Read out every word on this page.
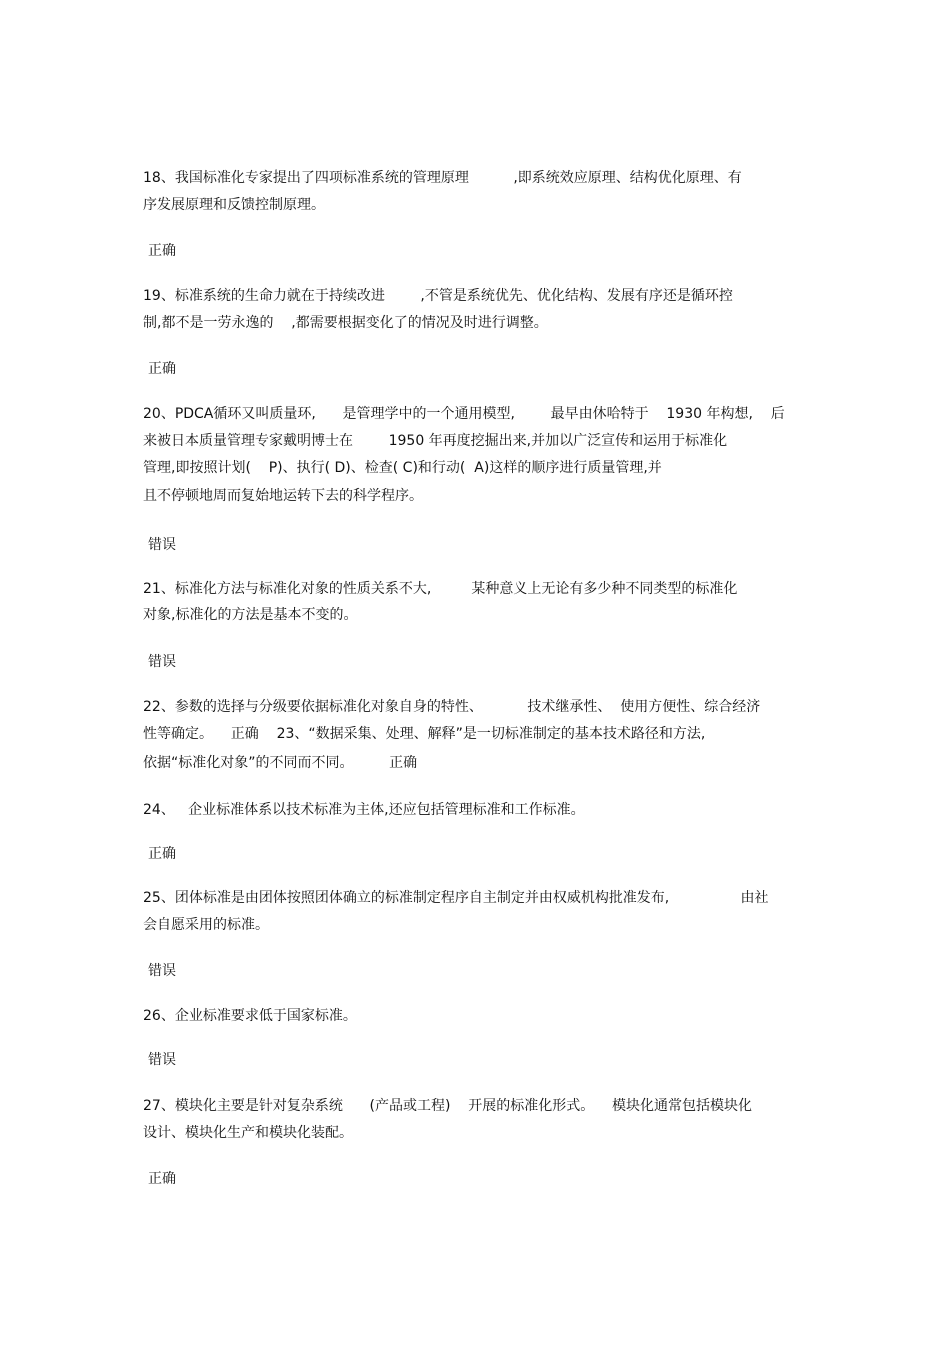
18、我国标准化专家提出了四项标准系统的管理原理          ,即系统效应原理、结构优化原理、有
序发展原理和反馈控制原理。
正确
19、标准系统的生命力就在于持续改进        ,不管是系统优先、优化结构、发展有序还是循环控
制,都不是一劳永逸的    ,都需要根据变化了的情况及时进行调整。
正确
20、PDCA循环又叫质量环,      是管理学中的一个通用模型,        最早由休哈特于    1930 年构想,    后
来被日本质量管理专家戴明博士在        1950 年再度挖掘出来,并加以广泛宣传和运用于标准化
管理,即按照计划(    P)、执行( D)、检查( C)和行动(  A)这样的顺序进行质量管理,并
且不停顿地周而复始地运转下去的科学程序。
错误
21、标准化方法与标准化对象的性质关系不大,         某种意义上无论有多少种不同类型的标准化
对象,标准化的方法是基本不变的。
错误
22、参数的选择与分级要依据标准化对象自身的特性、          技术继承性、  使用方便性、综合经济
性等确定。    正确    23、“数据采集、处理、解释”是一切标准制定的基本技术路径和方法,
依据“标准化对象”的不同而不同。        正确
24、   企业标准体系以技术标准为主体,还应包括管理标准和工作标准。
正确
25、团体标准是由团体按照团体确立的标准制定程序自主制定并由权威机构批准发布,                由社
会自愿采用的标准。
错误
26、企业标准要求低于国家标准。
错误
27、模块化主要是针对复杂系统      (产品或工程)    开展的标准化形式。    模块化通常包括模块化
设计、模块化生产和模块化装配。
正确
